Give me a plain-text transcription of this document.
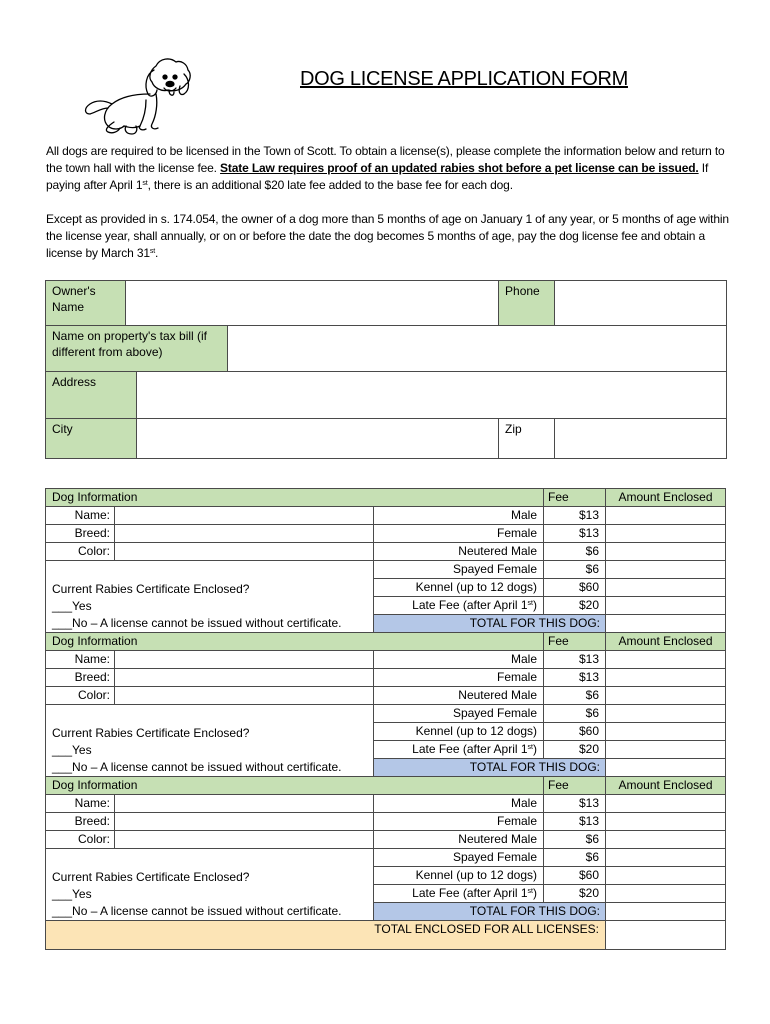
DOG LICENSE APPLICATION FORM
All dogs are required to be licensed in the Town of Scott. To obtain a license(s), please complete the information below and return to the town hall with the license fee. State Law requires proof of an updated rabies shot before a pet license can be issued. If paying after April 1st, there is an additional $20 late fee added to the base fee for each dog.
Except as provided in s. 174.054, the owner of a dog more than 5 months of age on January 1 of any year, or 5 months of age within the license year, shall annually, or on or before the date the dog becomes 5 months of age, pay the dog license fee and obtain a license by March 31st.
Owner's Name				Phone	
Name on property's tax bill (if different from above)					
Address					
City				Zip	
Dog Information			Fee	Amount Enclosed
Name:		Male	$13	
Breed:		Female	$13	
Color:		Neutered Male	$6	

Current Rabies Certificate Enclosed?
___Yes
___No – A license cannot be issued without certificate.		Spayed Female	$6	
		Kennel (up to 12 dogs)	$60	
		Late Fee (after April 1st)	$20	
		TOTAL FOR THIS DOG:		
Dog Information			Fee	Amount Enclosed
Name:		Male	$13	
Breed:		Female	$13	
Color:		Neutered Male	$6	

Current Rabies Certificate Enclosed?
___Yes
___No – A license cannot be issued without certificate.		Spayed Female	$6	
		Kennel (up to 12 dogs)	$60	
		Late Fee (after April 1st)	$20	
		TOTAL FOR THIS DOG:		
Dog Information			Fee	Amount Enclosed
Name:		Male	$13	
Breed:		Female	$13	
Color:		Neutered Male	$6	

Current Rabies Certificate Enclosed?
___Yes
___No – A license cannot be issued without certificate.		Spayed Female	$6	
		Kennel (up to 12 dogs)	$60	
		Late Fee (after April 1st)	$20	
		TOTAL FOR THIS DOG:		
TOTAL ENCLOSED FOR ALL LICENSES:				
